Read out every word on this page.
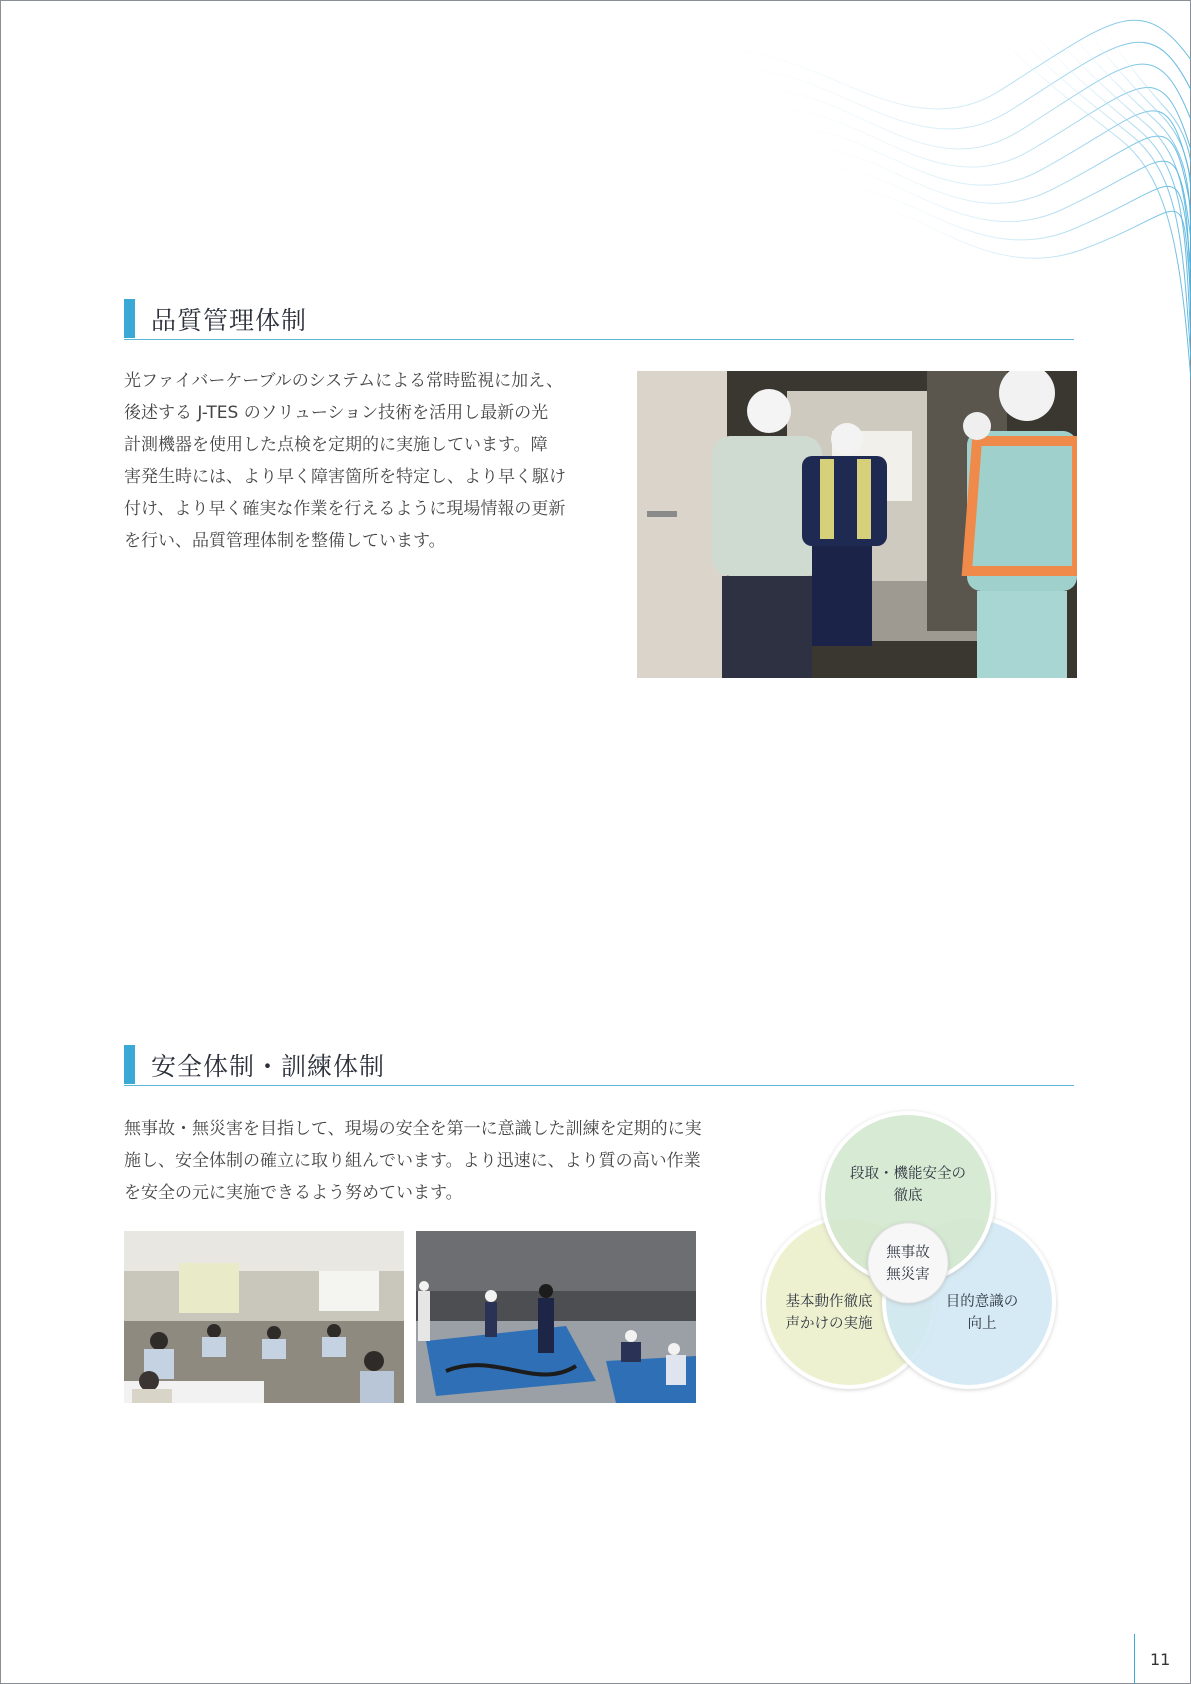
品質管理体制
光ファイバーケーブルのシステムによる常時監視に加え、
後述する J-TES のソリューション技術を活用し最新の光
計測機器を使用した点検を定期的に実施しています。障
害発生時には、より早く障害箇所を特定し、より早く駆け
付け、より早く確実な作業を行えるように現場情報の更新
を行い、品質管理体制を整備しています。
安全体制・訓練体制
無事故・無災害を目指して、現場の安全を第一に意識した訓練を定期的に実
施し、安全体制の確立に取り組んでいます。より迅速に、より質の高い作業
を安全の元に実施できるよう努めています。
段取・機能安全の
徹底
無事故
無災害
基本動作徹底
声かけの実施
目的意識の
向上
11
